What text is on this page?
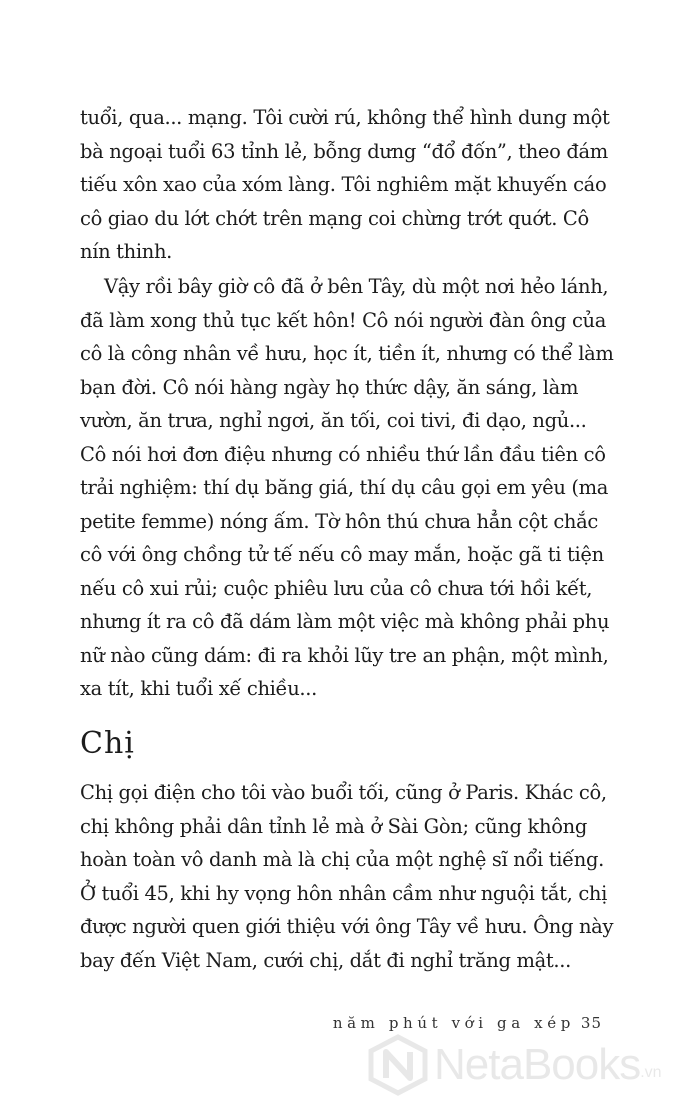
tuổi, qua... mạng. Tôi cười rú, không thể hình dung một
bà ngoại tuổi 63 tỉnh lẻ, bỗng dưng “đổ đốn”, theo đám
tiếu xôn xao của xóm làng. Tôi nghiêm mặt khuyến cáo
cô giao du lớt chớt trên mạng coi chừng trớt quớt. Cô
nín thinh.
Vậy rồi bây giờ cô đã ở bên Tây, dù một nơi hẻo lánh,
đã làm xong thủ tục kết hôn! Cô nói người đàn ông của
cô là công nhân về hưu, học ít, tiền ít, nhưng có thể làm
bạn đời. Cô nói hàng ngày họ thức dậy, ăn sáng, làm
vườn, ăn trưa, nghỉ ngơi, ăn tối, coi tivi, đi dạo, ngủ...
Cô nói hơi đơn điệu nhưng có nhiều thứ lần đầu tiên cô
trải nghiệm: thí dụ băng giá, thí dụ câu gọi em yêu (ma
petite femme) nóng ấm. Tờ hôn thú chưa hẳn cột chắc
cô với ông chồng tử tế nếu cô may mắn, hoặc gã ti tiện
nếu cô xui rủi; cuộc phiêu lưu của cô chưa tới hồi kết,
nhưng ít ra cô đã dám làm một việc mà không phải phụ
nữ nào cũng dám: đi ra khỏi lũy tre an phận, một mình,
xa tít, khi tuổi xế chiều...
Chị
Chị gọi điện cho tôi vào buổi tối, cũng ở Paris. Khác cô,
chị không phải dân tỉnh lẻ mà ở Sài Gòn; cũng không
hoàn toàn vô danh mà là chị của một nghệ sĩ nổi tiếng.
Ở tuổi 45, khi hy vọng hôn nhân cầm như nguội tắt, chị
được người quen giới thiệu với ông Tây về hưu. Ông này
bay đến Việt Nam, cưới chị, dắt đi nghỉ trăng mật...
năm phút với ga xép 35
NetaBooks .vn
